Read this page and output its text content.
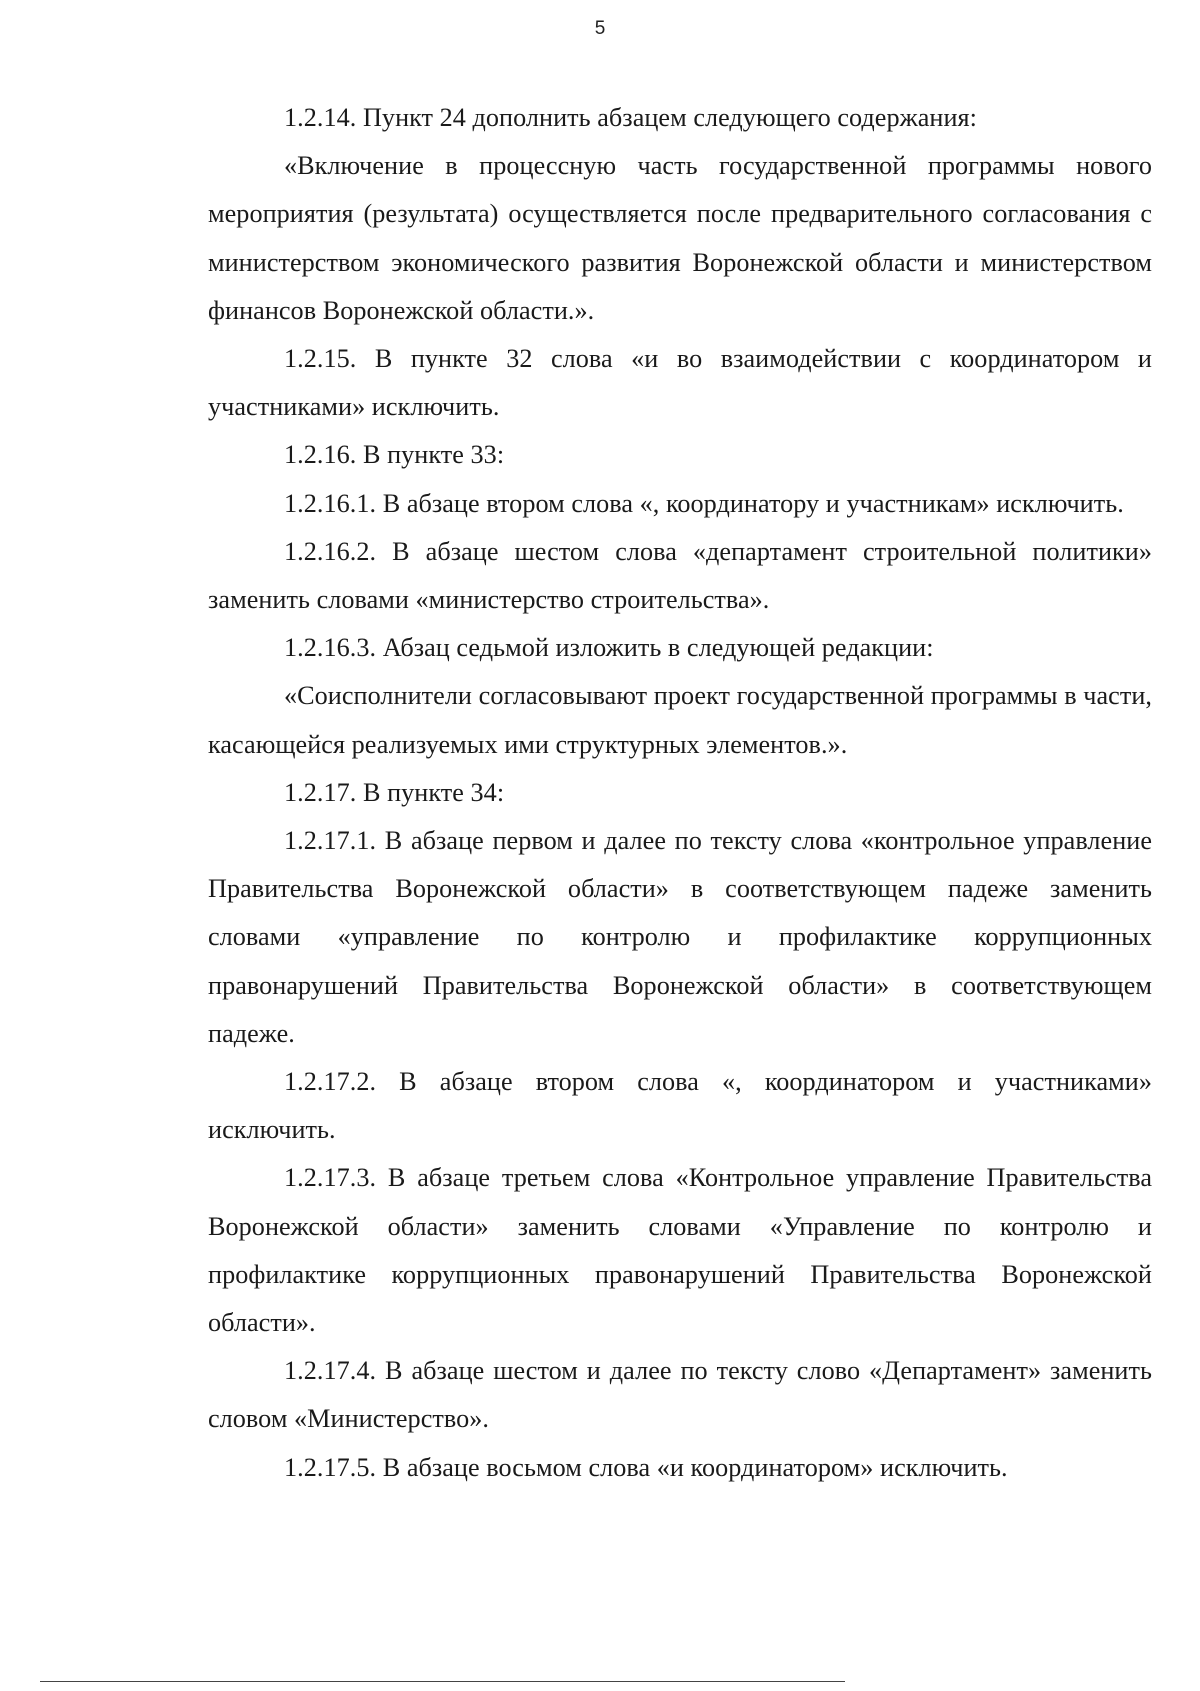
5

1.2.14. Пункт 24 дополнить абзацем следующего содержания:

«Включение в процессную часть государственной программы нового мероприятия (результата) осуществляется после предварительного согласования с министерством экономического развития Воронежской области и министерством финансов Воронежской области.».

1.2.15. В пункте 32 слова «и во взаимодействии с координатором и участниками» исключить.

1.2.16. В пункте 33:

1.2.16.1. В абзаце втором слова «, координатору и участникам» исключить.

1.2.16.2. В абзаце шестом слова «департамент строительной политики» заменить словами «министерство строительства».

1.2.16.3. Абзац седьмой изложить в следующей редакции:

«Соисполнители согласовывают проект государственной программы в части, касающейся реализуемых ими структурных элементов.».

1.2.17. В пункте 34:

1.2.17.1. В абзаце первом и далее по тексту слова «контрольное управление Правительства Воронежской области» в соответствующем падеже заменить словами «управление по контролю и профилактике коррупционных правонарушений Правительства Воронежской области» в соответствующем падеже.

1.2.17.2. В абзаце втором слова «, координатором и участниками» исключить.

1.2.17.3. В абзаце третьем слова «Контрольное управление Правительства Воронежской области» заменить словами «Управление по контролю и профилактике коррупционных правонарушений Правительства Воронежской области».

1.2.17.4. В абзаце шестом и далее по тексту слово «Департамент» заменить словом «Министерство».

1.2.17.5. В абзаце восьмом слова «и координатором» исключить.
